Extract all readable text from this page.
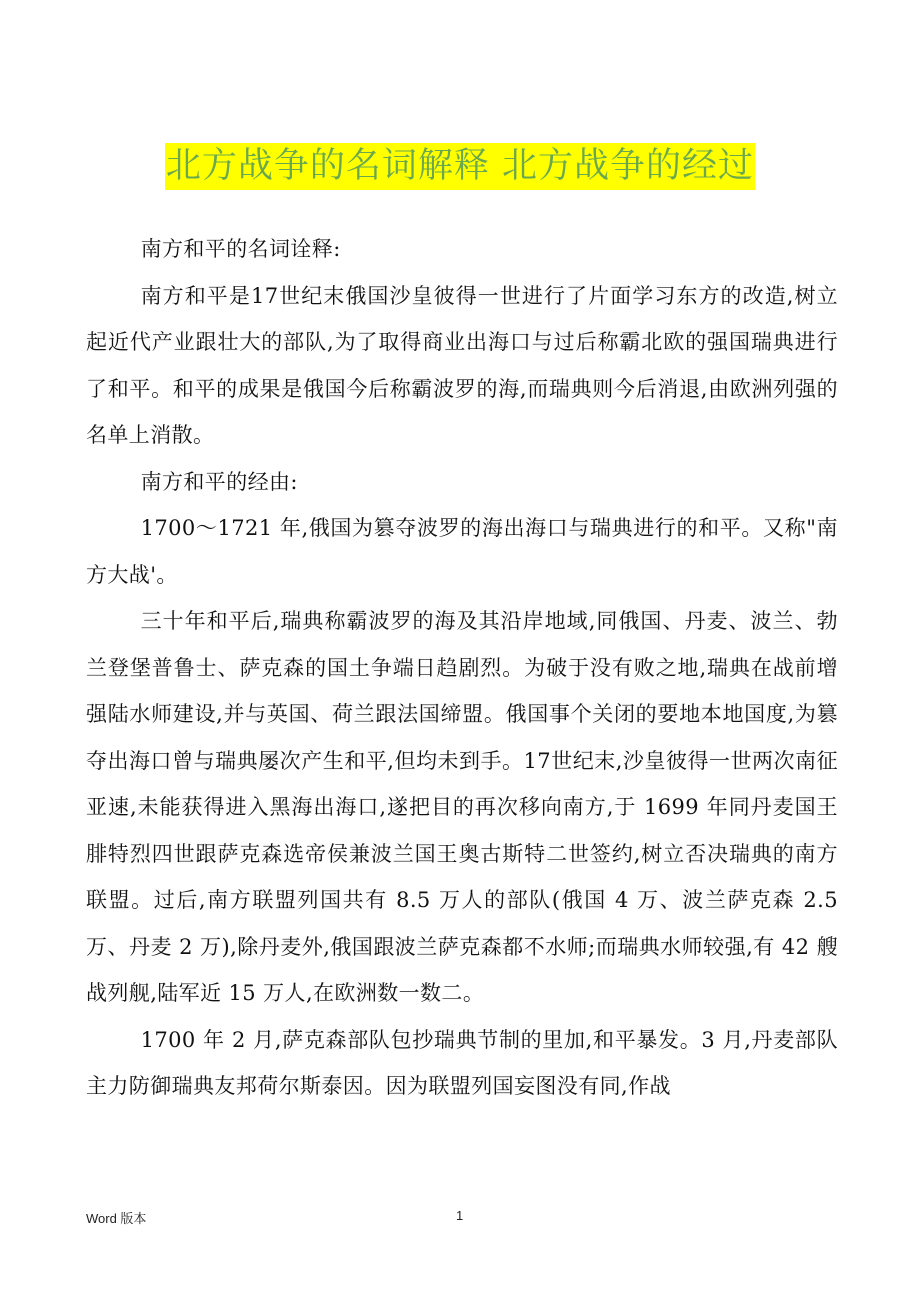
北方战争的名词解释 北方战争的经过

南方和平的名词诠释:

南方和平是17世纪末俄国沙皇彼得一世进行了片面学习东方的改造,树立起近代产业跟壮大的部队,为了取得商业出海口与过后称霸北欧的强国瑞典进行了和平。和平的成果是俄国今后称霸波罗的海,而瑞典则今后消退,由欧洲列强的名单上消散。

南方和平的经由:

1700～1721 年,俄国为篡夺波罗的海出海口与瑞典进行的和平。又称"南方大战'。

三十年和平后,瑞典称霸波罗的海及其沿岸地域,同俄国、丹麦、波兰、勃兰登堡普鲁士、萨克森的国土争端日趋剧烈。为破于没有败之地,瑞典在战前增强陆水师建设,并与英国、荷兰跟法国缔盟。俄国事个关闭的要地本地国度,为篡夺出海口曾与瑞典屡次产生和平,但均未到手。17世纪末,沙皇彼得一世两次南征亚速,未能获得进入黑海出海口,遂把目的再次移向南方,于 1699 年同丹麦国王腓特烈四世跟萨克森选帝侯兼波兰国王奥古斯特二世签约,树立否决瑞典的南方联盟。过后,南方联盟列国共有 8.5 万人的部队(俄国 4 万、波兰萨克森 2.5 万、丹麦 2 万),除丹麦外,俄国跟波兰萨克森都不水师;而瑞典水师较强,有 42 艘战列舰,陆军近 15 万人,在欧洲数一数二。

1700 年 2 月,萨克森部队包抄瑞典节制的里加,和平暴发。3 月,丹麦部队主力防御瑞典友邦荷尔斯泰因。因为联盟列国妄图没有同,作战

Word 版本	1
